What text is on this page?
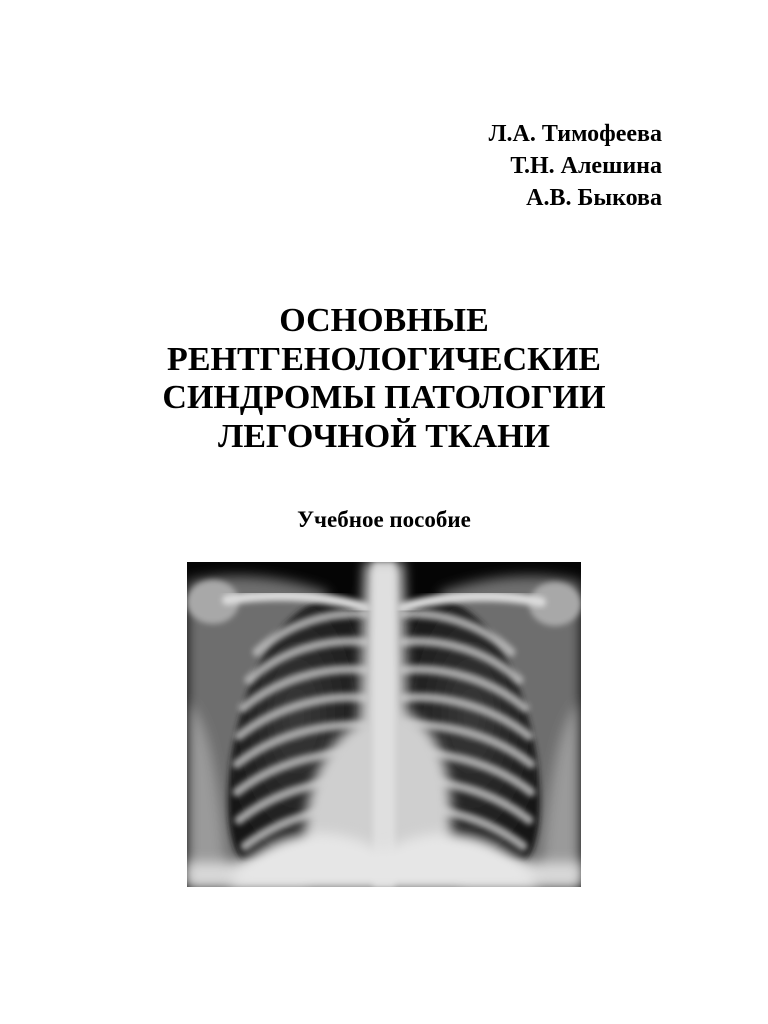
Л.А. Тимофеева
Т.Н. Алешина
А.В. Быкова
ОСНОВНЫЕ
РЕНТГЕНОЛОГИЧЕСКИЕ
СИНДРОМЫ ПАТОЛОГИИ
ЛЕГОЧНОЙ ТКАНИ
Учебное пособие
